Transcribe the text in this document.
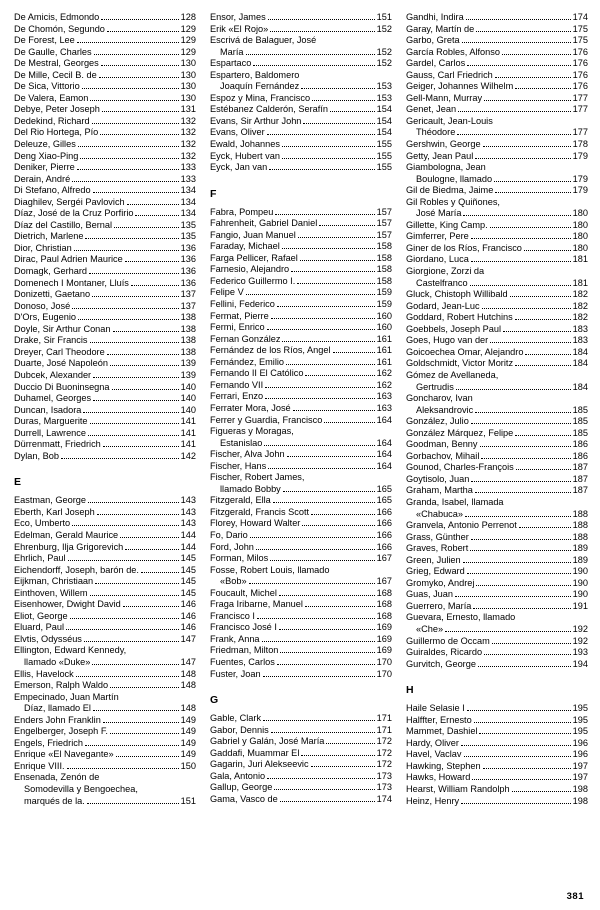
De Amicis, Edmondo	128
De Chomón, Segundo	129
De Forest, Lee	129
De Gaulle, Charles	129
De Mestral, Georges	130
De Mille, Cecil B. de	130
De Sica, Vittorio	130
De Valera, Eamon	130
Debye, Peter Joseph	131
Dedekind, Richard	132
Del Rio Hortega, Pío	132
Deleuze, Gilles	132
Deng Xiao-Ping	132
Deniker, Pierre	133
Derain, André	133
Di Stefano, Alfredo	134
Diaghilev, Sergéi Pavlovich	134
Díaz, José de la Cruz Porfirio	134
Díaz del Castillo, Bernal	135
Dietrich, Marlene	135
Dior, Christian	136
Dirac, Paul Adrien Maurice	136
Domagk, Gerhard	136
Domenech I Montaner, Lluís	136
Donizetti, Gaetano	137
Donoso, José	137
D'Ors, Eugenio	138
Doyle, Sir Arthur Conan	138
Drake, Sir Francis	138
Dreyer, Carl Theodore	138
Duarte, José Napoleón	139
Dubcek, Alexander	139
Duccio Di Buoninsegna	140
Duhamel, Georges	140
Duncan, Isadora	140
Duras, Marguerite	141
Durrell, Lawrence	141
Dürrenmatt, Friedrich	141
Dylan, Bob	142
E
Eastman, George	143
Eberth, Karl Joseph	143
Eco, Umberto	143
Edelman, Gerald Maurice	144
Ehrenburg, Ilja Grigorevich	144
Ehrlich, Paul	145
Eichendorff, Joseph, barón de.	145
Eijkman, Christiaan	145
Einthoven, Willem	145
Eisenhower, Dwight David	146
Eliot, George	146
Eluard, Paul	146
Elvtis, Odysséus	147
Ellington, Edward Kennedy,
llamado «Duke»	147
Ellis, Havelock	148
Emerson, Ralph Waldo	148
Empecinado, Juan Martín
Díaz, llamado El	148
Enders John Franklin	149
Engelberger, Joseph F.	149
Engels, Friedrich	149
Enrique «El Navegante»	149
Enrique VIII.	150
Ensenada, Zenón de
Somodevilla y Bengoechea,
marqués de la.	151
Ensor, James	151
Erik «El Rojo»	152
Escrivá de Balaguer, José
María	152
Espartaco	152
Espartero, Baldomero
Joaquín Fernández	153
Espoz y Mina, Francisco	153
Estébanez Calderón, Serafín	154
Evans, Sir Arthur John	154
Evans, Oliver	154
Ewald, Johannes	155
Eyck, Hubert van	155
Eyck, Jan van	155
F
Fabra, Pompeu	157
Fahrenheit, Gabriel Daniel	157
Fangio, Juan Manuel	157
Faraday, Michael	158
Farga Pellicer, Rafael	158
Farnesio, Alejandro	158
Federico Guillermo I.	158
Felipe V	159
Fellini, Federico	159
Fermat, Pierre	160
Fermi, Enrico	160
Fernan González	161
Fernández de los Ríos, Angel	161
Fernández, Emilio	161
Fernando II El Católico	162
Fernando VII	162
Ferrari, Enzo	163
Ferrater Mora, José	163
Ferrer y Guardia, Francisco	164
Figueras y Moragas,
Estanislao	164
Fischer, Alva John	164
Fischer, Hans	164
Fischer, Robert James,
llamado Bobby	165
Fitzgerald, Ella	165
Fitzgerald, Francis Scott	166
Florey, Howard Walter	166
Fo, Dario	166
Ford, John	166
Forman, Milos	167
Fosse, Robert Louis, llamado
«Bob»	167
Foucault, Michel	168
Fraga Iribarne, Manuel	168
Francisco I	168
Francisco José I	169
Frank, Anna	169
Friedman, Milton	169
Fuentes, Carlos	170
Fuster, Joan	170
G
Gable, Clark	171
Gabor, Dennis	171
Gabriel y Galán, José María	172
Gaddafi, Muammar El	172
Gagarin, Juri Alekseevic	172
Gala, Antonio	173
Gallup, George	173
Gama, Vasco de	174
Gandhi, Indira	174
Garay, Martín de	175
Garbo, Greta	175
García Robles, Alfonso	176
Gardel, Carlos	176
Gauss, Carl Friedrich	176
Geiger, Johannes Wilhelm	176
Gell-Mann, Murray	177
Genet, Jean	177
Gericault, Jean-Louis
Théodore	177
Gershwin, George	178
Getty, Jean Paul	179
Giambologna, Jean
Boulogne, llamado	179
Gil de Biedma, Jaime	179
Gil Robles y Quiñones,
José María	180
Gillette, King Camp.	180
Gimferrer, Pere	180
Giner de los Ríos, Francisco	180
Giordano, Luca	181
Giorgione, Zorzi da
Castelfranco	181
Gluck, Chistoph Willibald	182
Godard, Jean-Luc	182
Goddard, Robert Hutchins	182
Goebbels, Joseph Paul	183
Goes, Hugo van der	183
Goicoechea Omar, Alejandro	184
Goldschmidt, Victor Moritz	184
Gómez de Avellaneda,
Gertrudis	184
Goncharov, Ivan
Aleksandrovic	185
González, Julio	185
González Márquez, Felipe	185
Goodman, Benny	186
Gorbachov, Mihail	186
Gounod, Charles-François	187
Goytisolo, Juan	187
Graham, Martha	187
Granda, Isabel, llamada
«Chabuca»	188
Granvela, Antonio Perrenot	188
Grass, Günther	188
Graves, Robert	189
Green, Julien	189
Grieg, Edward	190
Gromyko, Andrej	190
Guas, Juan	190
Guerrero, María	191
Guevara, Ernesto, llamado
«Che»	192
Guillermo de Occam	192
Guiraldes, Ricardo	193
Gurvitch, George	194
H
Haile Selasie I	195
Halffter, Ernesto	195
Mammet, Dashiel	195
Hardy, Oliver	196
Havel, Vaclav	196
Hawking, Stephen	197
Hawks, Howard	197
Hearst, William Randolph	198
Heinz, Henry	198
381
